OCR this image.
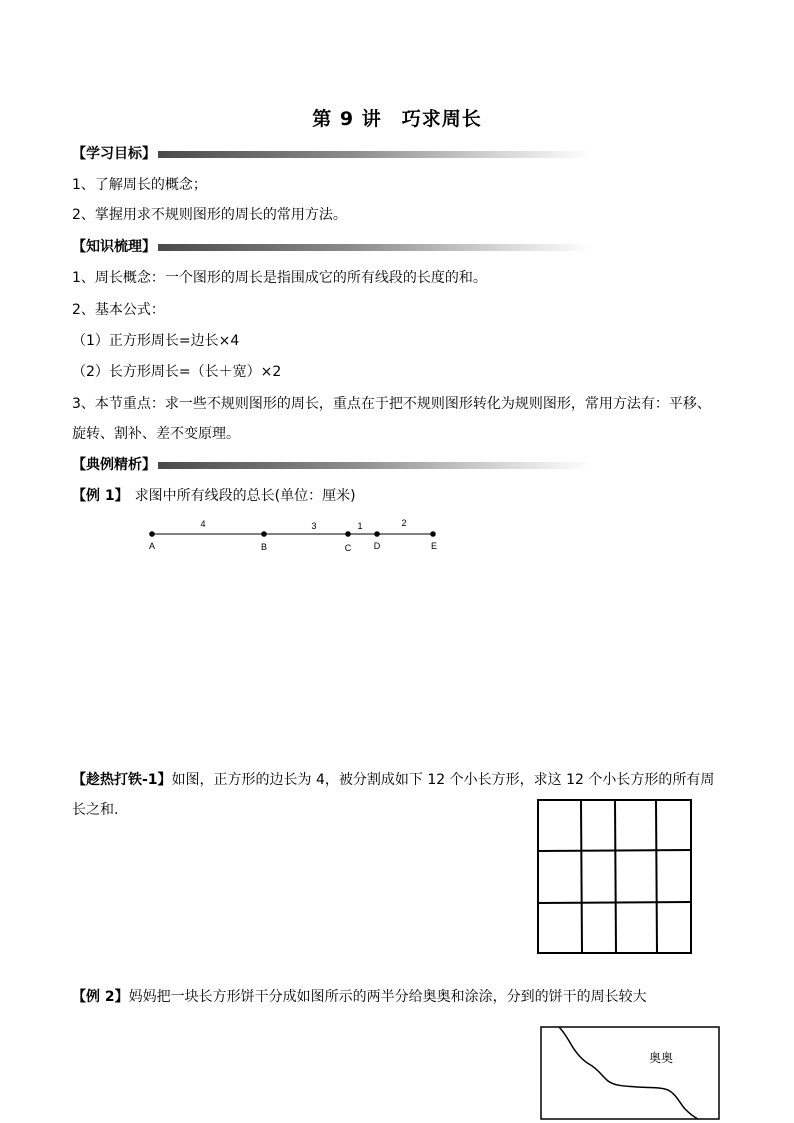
第 9 讲　巧求周长
【学习目标】
1、了解周长的概念；
2、掌握用求不规则图形的周长的常用方法。
【知识梳理】
1、周长概念：一个图形的周长是指围成它的所有线段的长度的和。
2、基本公式：
（1）正方形周长=边长×4
（2）长方形周长=（长＋宽）×2
3、本节重点：求一些不规则图形的周长，重点在于把不规则图形转化为规则图形，常用方法有：平移、旋转、割补、差不变原理。
【典例精析】
【例 1】 求图中所有线段的总长(单位：厘米)
4	3	1	2
A	B	C	D	E
【趁热打铁-1】如图，正方形的边长为 4，被分割成如下 12 个小长方形，求这 12 个小长方形的所有周长之和.
【例 2】妈妈把一块长方形饼干分成如图所示的两半分给奥奥和涂涂，分到的饼干的周长较大
奥奥
